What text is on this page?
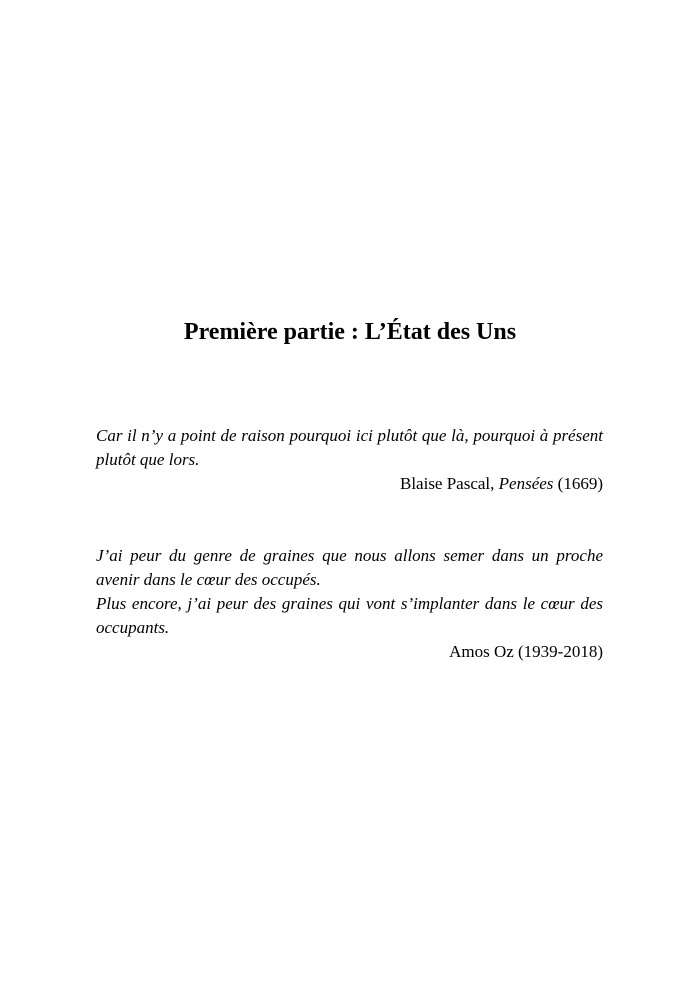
Première partie : L’État des Uns

Car il n’y a point de raison pourquoi ici plutôt que là, pourquoi à présent plutôt que lors.

Blaise Pascal, Pensées (1669)

J’ai peur du genre de graines que nous allons semer dans un proche avenir dans le cœur des occupés.
Plus encore, j’ai peur des graines qui vont s’implanter dans le cœur des occupants.

Amos Oz (1939-2018)
